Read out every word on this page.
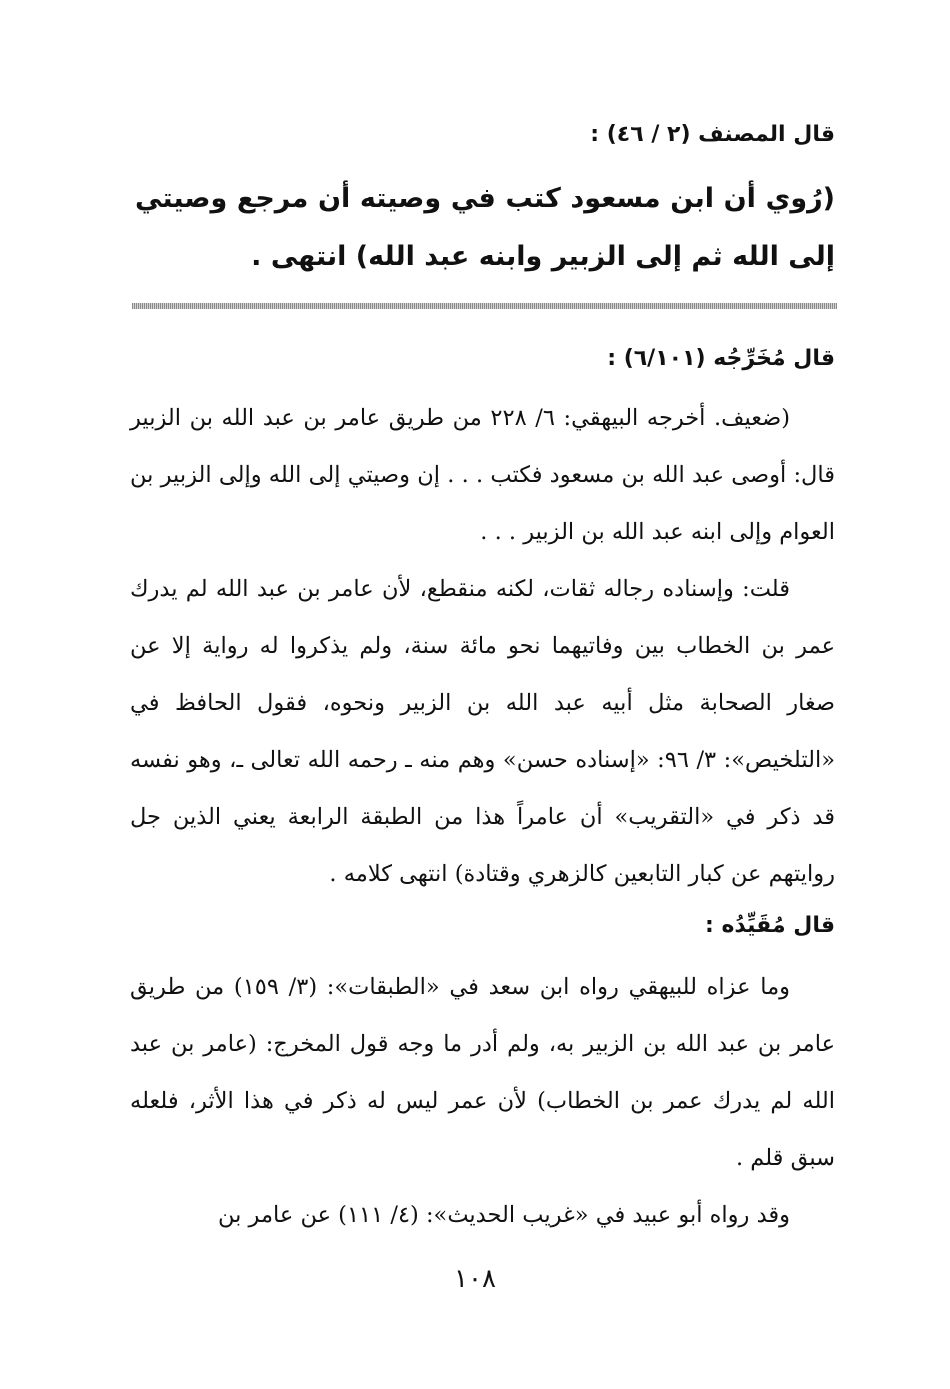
قال المصنف (٢ / ٤٦) :
(رُوي أن ابن مسعود كتب في وصيته أن مرجع وصيتي إلى الله ثم إلى الزبير وابنه عبد الله) انتهى .
قال مُخَرِّجُه (٦/١٠١) :
(ضعيف. أخرجه البيهقي: ٦/ ٢٢٨ من طريق عامر بن عبد الله بن الزبير قال: أوصى عبد الله بن مسعود فكتب . . . إن وصيتي إلى الله وإلى الزبير بن العوام وإلى ابنه عبد الله بن الزبير . . .
قلت: وإسناده رجاله ثقات، لكنه منقطع، لأن عامر بن عبد الله لم يدرك عمر بن الخطاب بين وفاتيهما نحو مائة سنة، ولم يذكروا له رواية إلا عن صغار الصحابة مثل أبيه عبد الله بن الزبير ونحوه، فقول الحافظ في «التلخيص»: ٣/ ٩٦: «إسناده حسن» وهم منه ـ رحمه الله تعالى ـ، وهو نفسه قد ذكر في «التقريب» أن عامراً هذا من الطبقة الرابعة يعني الذين جل روايتهم عن كبار التابعين كالزهري وقتادة) انتهى كلامه .
قال مُقَيِّدُه :
وما عزاه للبيهقي رواه ابن سعد في «الطبقات»: (٣/ ١٥٩) من طريق عامر بن عبد الله بن الزبير به، ولم أدر ما وجه قول المخرج: (عامر بن عبد الله لم يدرك عمر بن الخطاب) لأن عمر ليس له ذكر في هذا الأثر، فلعله سبق قلم .
وقد رواه أبو عبيد في «غريب الحديث»: (٤/ ١١١) عن عامر بن
١٠٨
